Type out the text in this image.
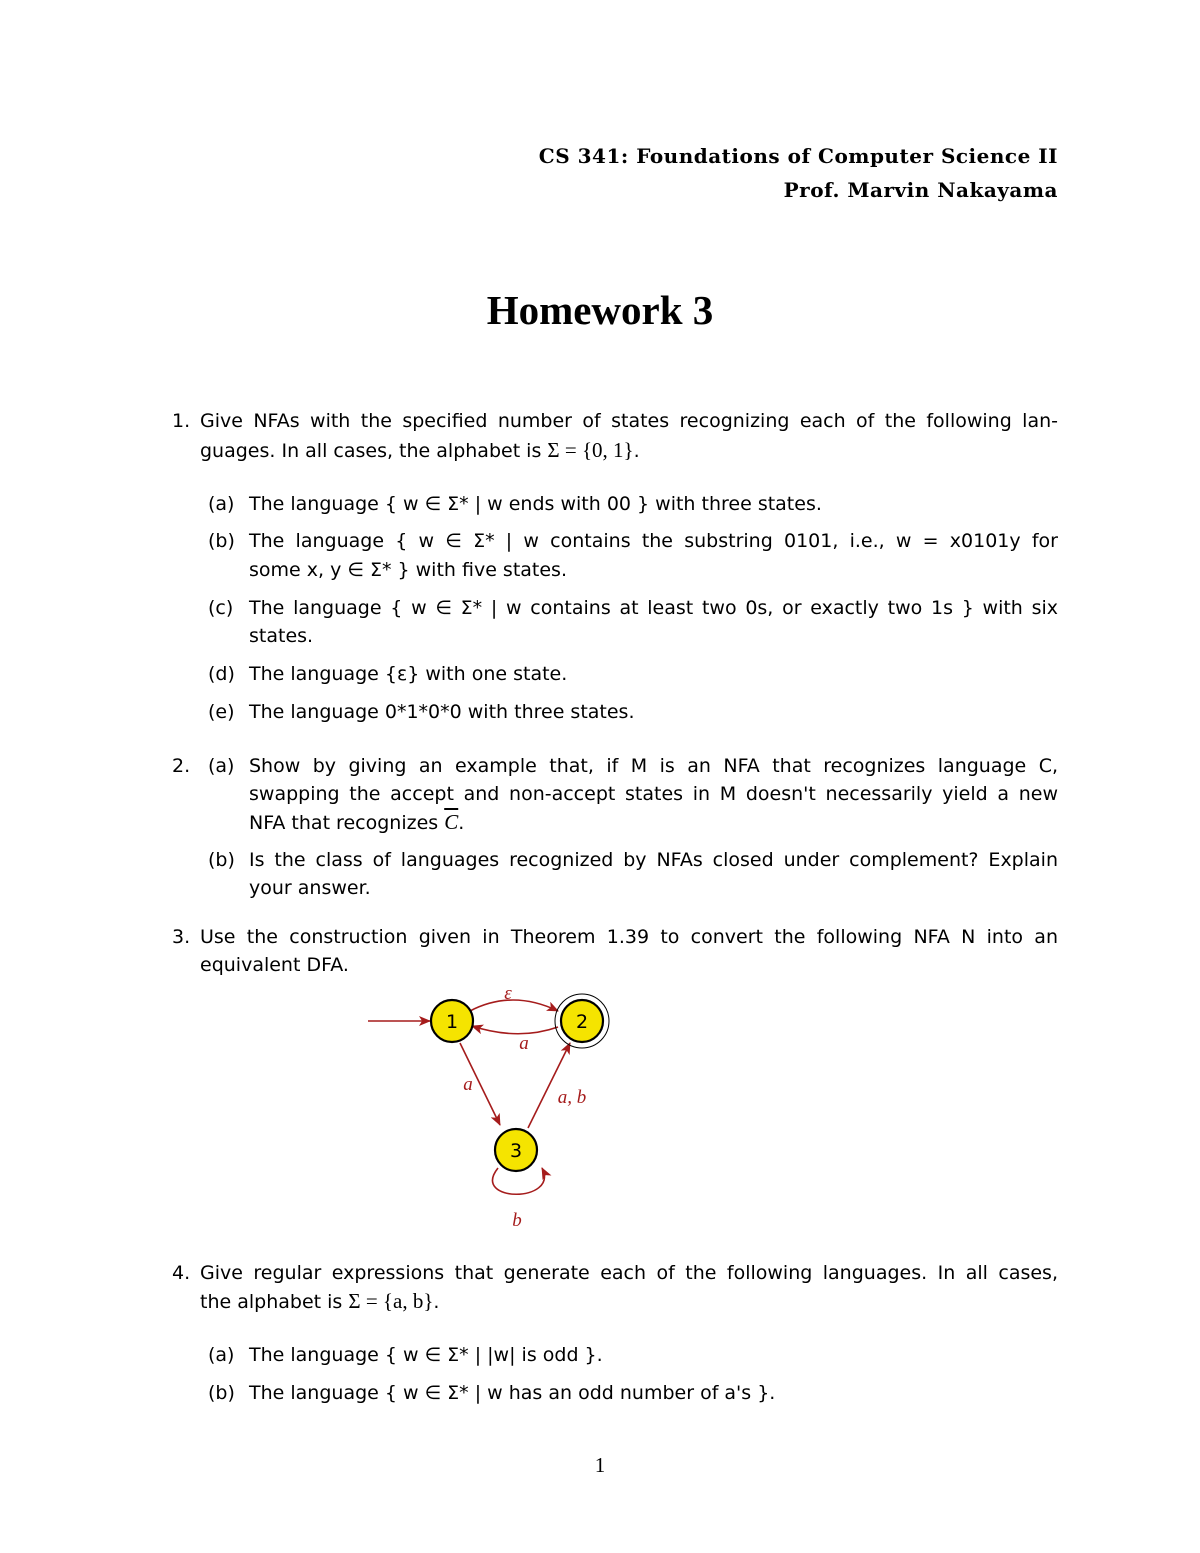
CS 341: Foundations of Computer Science II
Prof. Marvin Nakayama
Homework 3
1. Give NFAs with the specified number of states recognizing each of the following lan-
guages. In all cases, the alphabet is Σ = {0, 1}.
(a) The language { w ∈ Σ* | w ends with 00 } with three states.
(b) The language { w ∈ Σ* | w contains the substring 0101, i.e., w = x0101y for
some x, y ∈ Σ* } with five states.
(c) The language { w ∈ Σ* | w contains at least two 0s, or exactly two 1s } with six
states.
(d) The language {ε} with one state.
(e) The language 0*1*0*0 with three states.
2. (a) Show by giving an example that, if M is an NFA that recognizes language C,
swapping the accept and non-accept states in M doesn't necessarily yield a new
NFA that recognizes $\overline{C}$.
(b) Is the class of languages recognized by NFAs closed under complement? Explain
your answer.
3. Use the construction given in Theorem 1.39 to convert the following NFA N into an
equivalent DFA.
1	2
3
ε
a
a
a, b
b
4. Give regular expressions that generate each of the following languages. In all cases,
the alphabet is Σ = {a, b}.
(a) The language { w ∈ Σ* | |w| is odd }.
(b) The language { w ∈ Σ* | w has an odd number of a's }.
1
